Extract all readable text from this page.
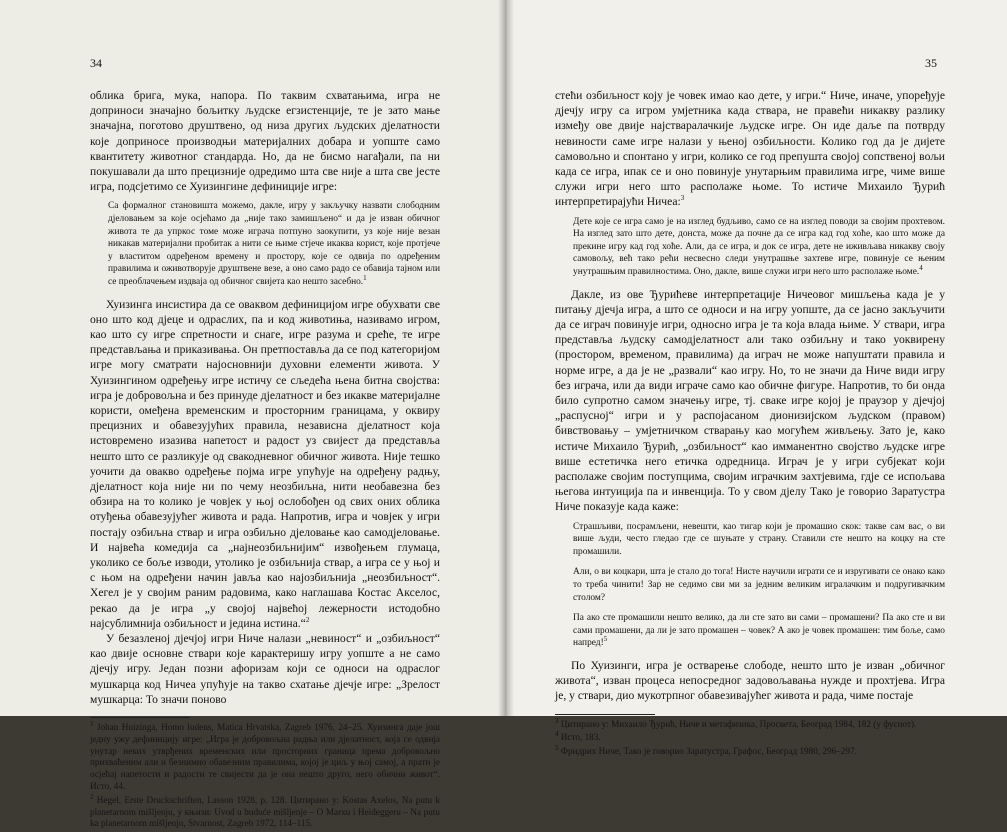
34

облика брига, мука, напора. По таквим схватањима, игра не доприноси значајно бољитку људске егзистенције, те је зато мање значајна, поготово друштвено, од низа других људских дјелатности које доприносе производњи материјалних добара и уопште само квантитету животног стандарда. Но, да не бисмо нагађали, па ни покушавали да што прецизније одредимо шта све није а шта све јесте игра, подсјетимо се Хуизингине дефиниције игре:

Са формалног становишта можемо, дакле, игру у закључку назвати слободним дјеловањем за које осјећамо да „није тако замишљено“ и да је изван обичног живота те да упркос томе може играча потпуно заокупити, уз које није везан никакав материјални пробитак а нити се њиме стјече икаква корист, које протјече у властитом одређеном времену и простору, које се одвија по одређеним правилима и оживотворује друштвене везе, а оно само радо се обавија тајном или се преоблачењем издваја од обичног свијета као нешто засебно.$^1$

Хуизинга инсистира да се оваквом дефиницијом игре обухвати све оно што код дјеце и одраслих, па и код животиња, називамо игром, као што су игре спретности и снаге, игре разума и среће, те игре представљања и приказивања. Он претпоставља да се под категоријом игре могу сматрати најосновнији духовни елементи живота. У Хуизингином одређењу игре истичу се сљедећа њена битна својства: игра је добровољна и без принуде дјелатност и без икакве материјалне користи, омеђена временским и просторним границама, у оквиру прецизних и обавезујућих правила, независна дјелатност која истовремено изазива напетост и радост уз свијест да представља нешто што се разликује од свакодневног обичног живота. Није тешко уочити да овакво одређење појма игре упућује на одређену радњу, дјелатност која није ни по чему неозбиљна, нити необавезна без обзира на то колико је човјек у њој ослобођен од свих оних облика отуђења обавезујућег живота и рада. Напротив, игра и човјек у игри постају озбиљна ствар и игра озбиљно дјеловање као самодјеловање. И највећа комедија са „најнеозбиљнијим“ извођењем глумаца, уколико се боље изводи, утолико је озбиљнија ствар, а игра се у њој и с њом на одређени начин јавља као најозбиљнија „неозбиљност“. Хегел је у својим раним радовима, како наглашава Костас Акселос, рекао да је игра „у својој највећој лежерности истодобно најсублимнија озбиљност и једина истина.“$^2$

У безазленој дјечјој игри Ниче налази „невиност“ и „озбиљност“ као двије основне ствари које карактеришу игру уопште а не само дјечју игру. Један позни афоризам који се односи на одраслог мушкарца код Ничеа упућује на такво схатање дјечје игре: „Зрелост мушкарца: То значи поново

$^1$ Johan Huizinga, Homo ludens, Matica Hrvatska, Zagreb 1976, 24–25. Хуизинга даје још једну ужу дефиницију игре: „Игра је добровољна радња или дјелатност, која се одвија унутар неких утврђених временских или просторних граница према добровољно прихваћеним али и безнимно обавезним правилима, којој је циљ у њој самој, а прати је осјећај напетости и радости те свијести да је она нешто друго, него обични живот“. Исто, 44.

$^2$ Hegel, Erste Druckschriften, Lasson 1928, p. 128. Цитирано у: Kostas Axelos, Na putu k planetarnom mišljenju, у књизи: Uvod u buduće mišljenje – O Marxu i Heideggeru – Na putu ka planetarnom mišljenju, Stvarnost, Zagreb 1972, 114–115.

35

стећи озбиљност коју је човек имао као дете, у игри.“ Ниче, иначе, упоређује дјечју игру са игром умјетника када ствара, не правећи никакву разлику између ове двије најстваралачкије људске игре. Он иде даље па потврду невиности саме игре налази у њеној озбиљности. Колико год да је дијете самовољно и спонтано у игри, колико се год препушта својој сопственој вољи када се игра, ипак се и оно повинује унутарњим правилима игре, чиме више служи игри него што располаже њоме. То истиче Михаило Ђурић интерпретирајући Ничеа:$^3$

Дете које се игра само је на изглед будљиво, само се на изглед поводи за својим прохтевом. На изглед зато што дете, донста, може да почне да се игра кад год хоће, као што може да прекине игру кад год хоће. Али, да се игра, и док се игра, дете не иживљава никакву своју самовољу, већ тако рећи несвесно следи унутрашње захтеве игре, повинује се њеним унутрашњим правилностима. Оно, дакле, више служи игри него што располаже њоме.$^4$

Дакле, из ове Ђурићеве интерпретације Ничеовог мишљења када је у питању дјечја игра, а што се односи и на игру уопште, да се јасно закључити да се играч повинује игри, односно игра је та која влада њиме. У ствари, игра представља људску самодјелатност али тако озбиљну и тако уоквирену (простором, временом, правилима) да играч не може напуштати правила и норме игре, а да је не „развали“ као игру. Но, то не значи да Ниче види игру без играча, или да види играче само као обичне фигуре. Напротив, то би онда било супротно самом значењу игре, тј. сваке игре којој је праузор у дјечјој „распусној“ игри и у распојасаном дионизијском људском (правом) бивствовању – умјетничком стварању као могућем живљењу. Зато је, како истиче Михаило Ђурић, „озбиљност“ као имманентно својство људске игре више естетичка него етичка одредница. Играч је у игри субјекат који располаже својим поступцима, својим играчким захтјевима, гдје се испољава његова интуиција па и инвенција. То у свом дјелу Тако је говорио Заратустра Ниче показује када каже:

Страшљиви, посрамљени, невешти, као тигар који је промашио скок: такве сам вас, о ви више људи, често гледао где се шуњате у страну. Ставили сте нешто на коцку на сте промашили.
Али, о ви коцкари, шта је стало до тога! Нисте научили играти се и изругивати се онако како то треба чинити! Зар не седимо сви ми за једним великим игралачким и подругивачким столом?
Па ако сте промашили нешто велико, да ли сте зато ви сами – промашени? Па ако сте и ви сами промашени, да ли је зато промашен – човек? А ако је човек промашен: тим боље, само напред!$^5$

По Хуизинги, игра је остварење слободе, нешто што је изван „обичног живота“, изван процеса непосредног задовољавања нужде и прохтјева. Игра је, у ствари, дио мукотрпног обавезивајућег живота и рада, чиме постаје

$^3$ Цитирано у: Михаило Ђурић, Ниче и метафизика, Просвета, Београд 1984, 182 (у фуснот).

$^4$ Исто, 183.

$^5$ Фридрих Ниче, Тако је говорио Заратустра, Графос, Београд 1980, 296–297.
